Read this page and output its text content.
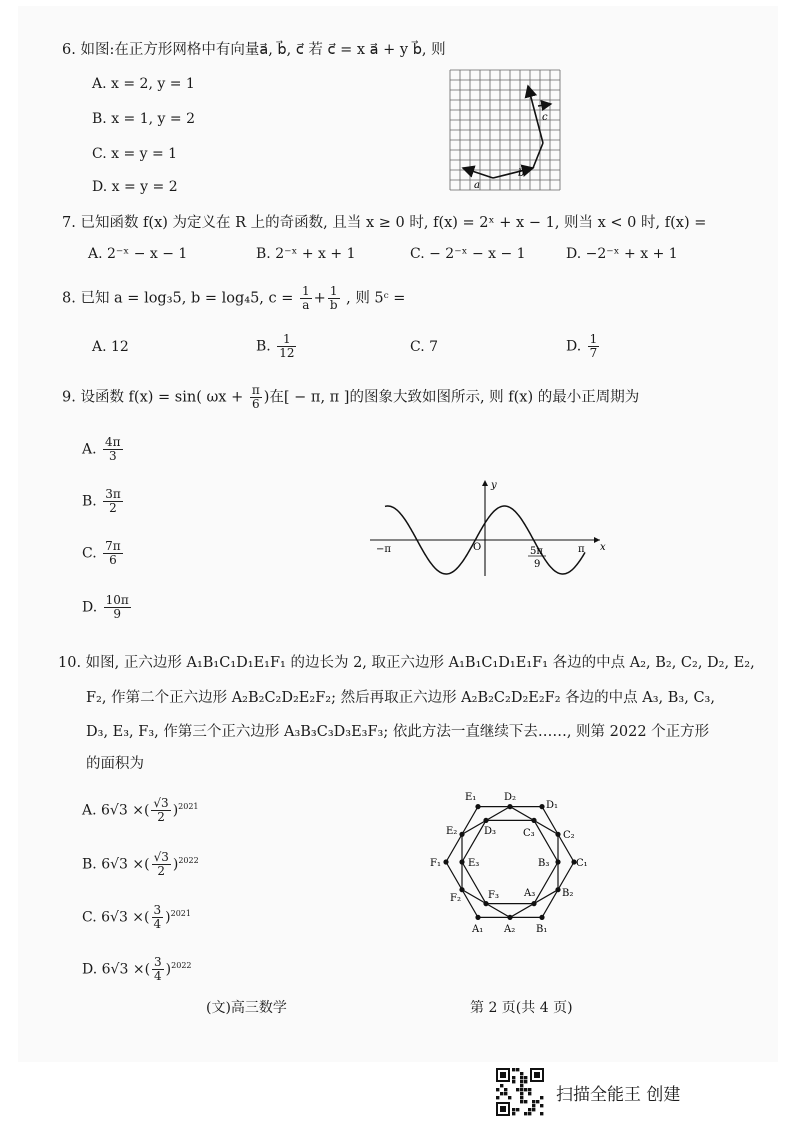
6. 如图:在正方形网格中有向量a⃗, b⃗, c⃗ 若 c⃗ = x a⃗ + y b⃗, 则
A. x = 2, y = 1
B. x = 1, y = 2
C. x = y = 1
D. x = y = 2	a
b
c
7. 已知函数 f(x) 为定义在 R 上的奇函数, 且当 x ≥ 0 时, f(x) = 2ˣ + x − 1, 则当 x < 0 时, f(x) =
A. 2⁻ˣ − x − 1	B. 2⁻ˣ + x + 1	C. − 2⁻ˣ − x − 1	D. −2⁻ˣ + x + 1
8. 已知 a = log₃5, b = log₄5, $c = \frac{1}{a} + \frac{1}{b}$ , 则 5ᶜ =
A. 12	B. $\frac{1}{12}$	C. 7	D. $\frac{1}{7}$
9. 设函数 f(x) = sin( $\omega x + \frac{\pi}{6}$ )在[ − π, π ]的图象大致如图所示, 则 f(x) 的最小正周期为
A. $\frac{4\pi}{3}$
B. $\frac{3\pi}{2}$
C. $\frac{7\pi}{6}$
D. $\frac{10\pi}{9}$
y
x
−π	O	π
5π
9
10. 如图, 正六边形 A₁B₁C₁D₁E₁F₁ 的边长为 2, 取正六边形 A₁B₁C₁D₁E₁F₁ 各边的中点 A₂, B₂, C₂, D₂, E₂,
F₂, 作第二个正六边形 A₂B₂C₂D₂E₂F₂; 然后再取正六边形 A₂B₂C₂D₂E₂F₂ 各边的中点 A₃, B₃, C₃,
D₃, E₃, F₃, 作第三个正六边形 A₃B₃C₃D₃E₃F₃; 依此方法一直继续下去……, 则第 2022 个正方形
的面积为
A. 6√3 ×( $\frac{√3}{2} )^{2021}$
B. 6√3 ×( $\frac{√3}{2} )^{2022}$
C. 6√3 ×( $\frac{3}{4} )^{2021}$
D. 6√3 ×( $\frac{3}{4} )^{2022}$
E₁	D₂
D₁
E₂	D₃	C₃	C₂
F₁	E₃	B₃	C₁
F₂	F₃	A₃	B₂
A₁ A₂ B₁
(文)高三数学	第 2 页(共 4 页)
扫描全能王 创建
